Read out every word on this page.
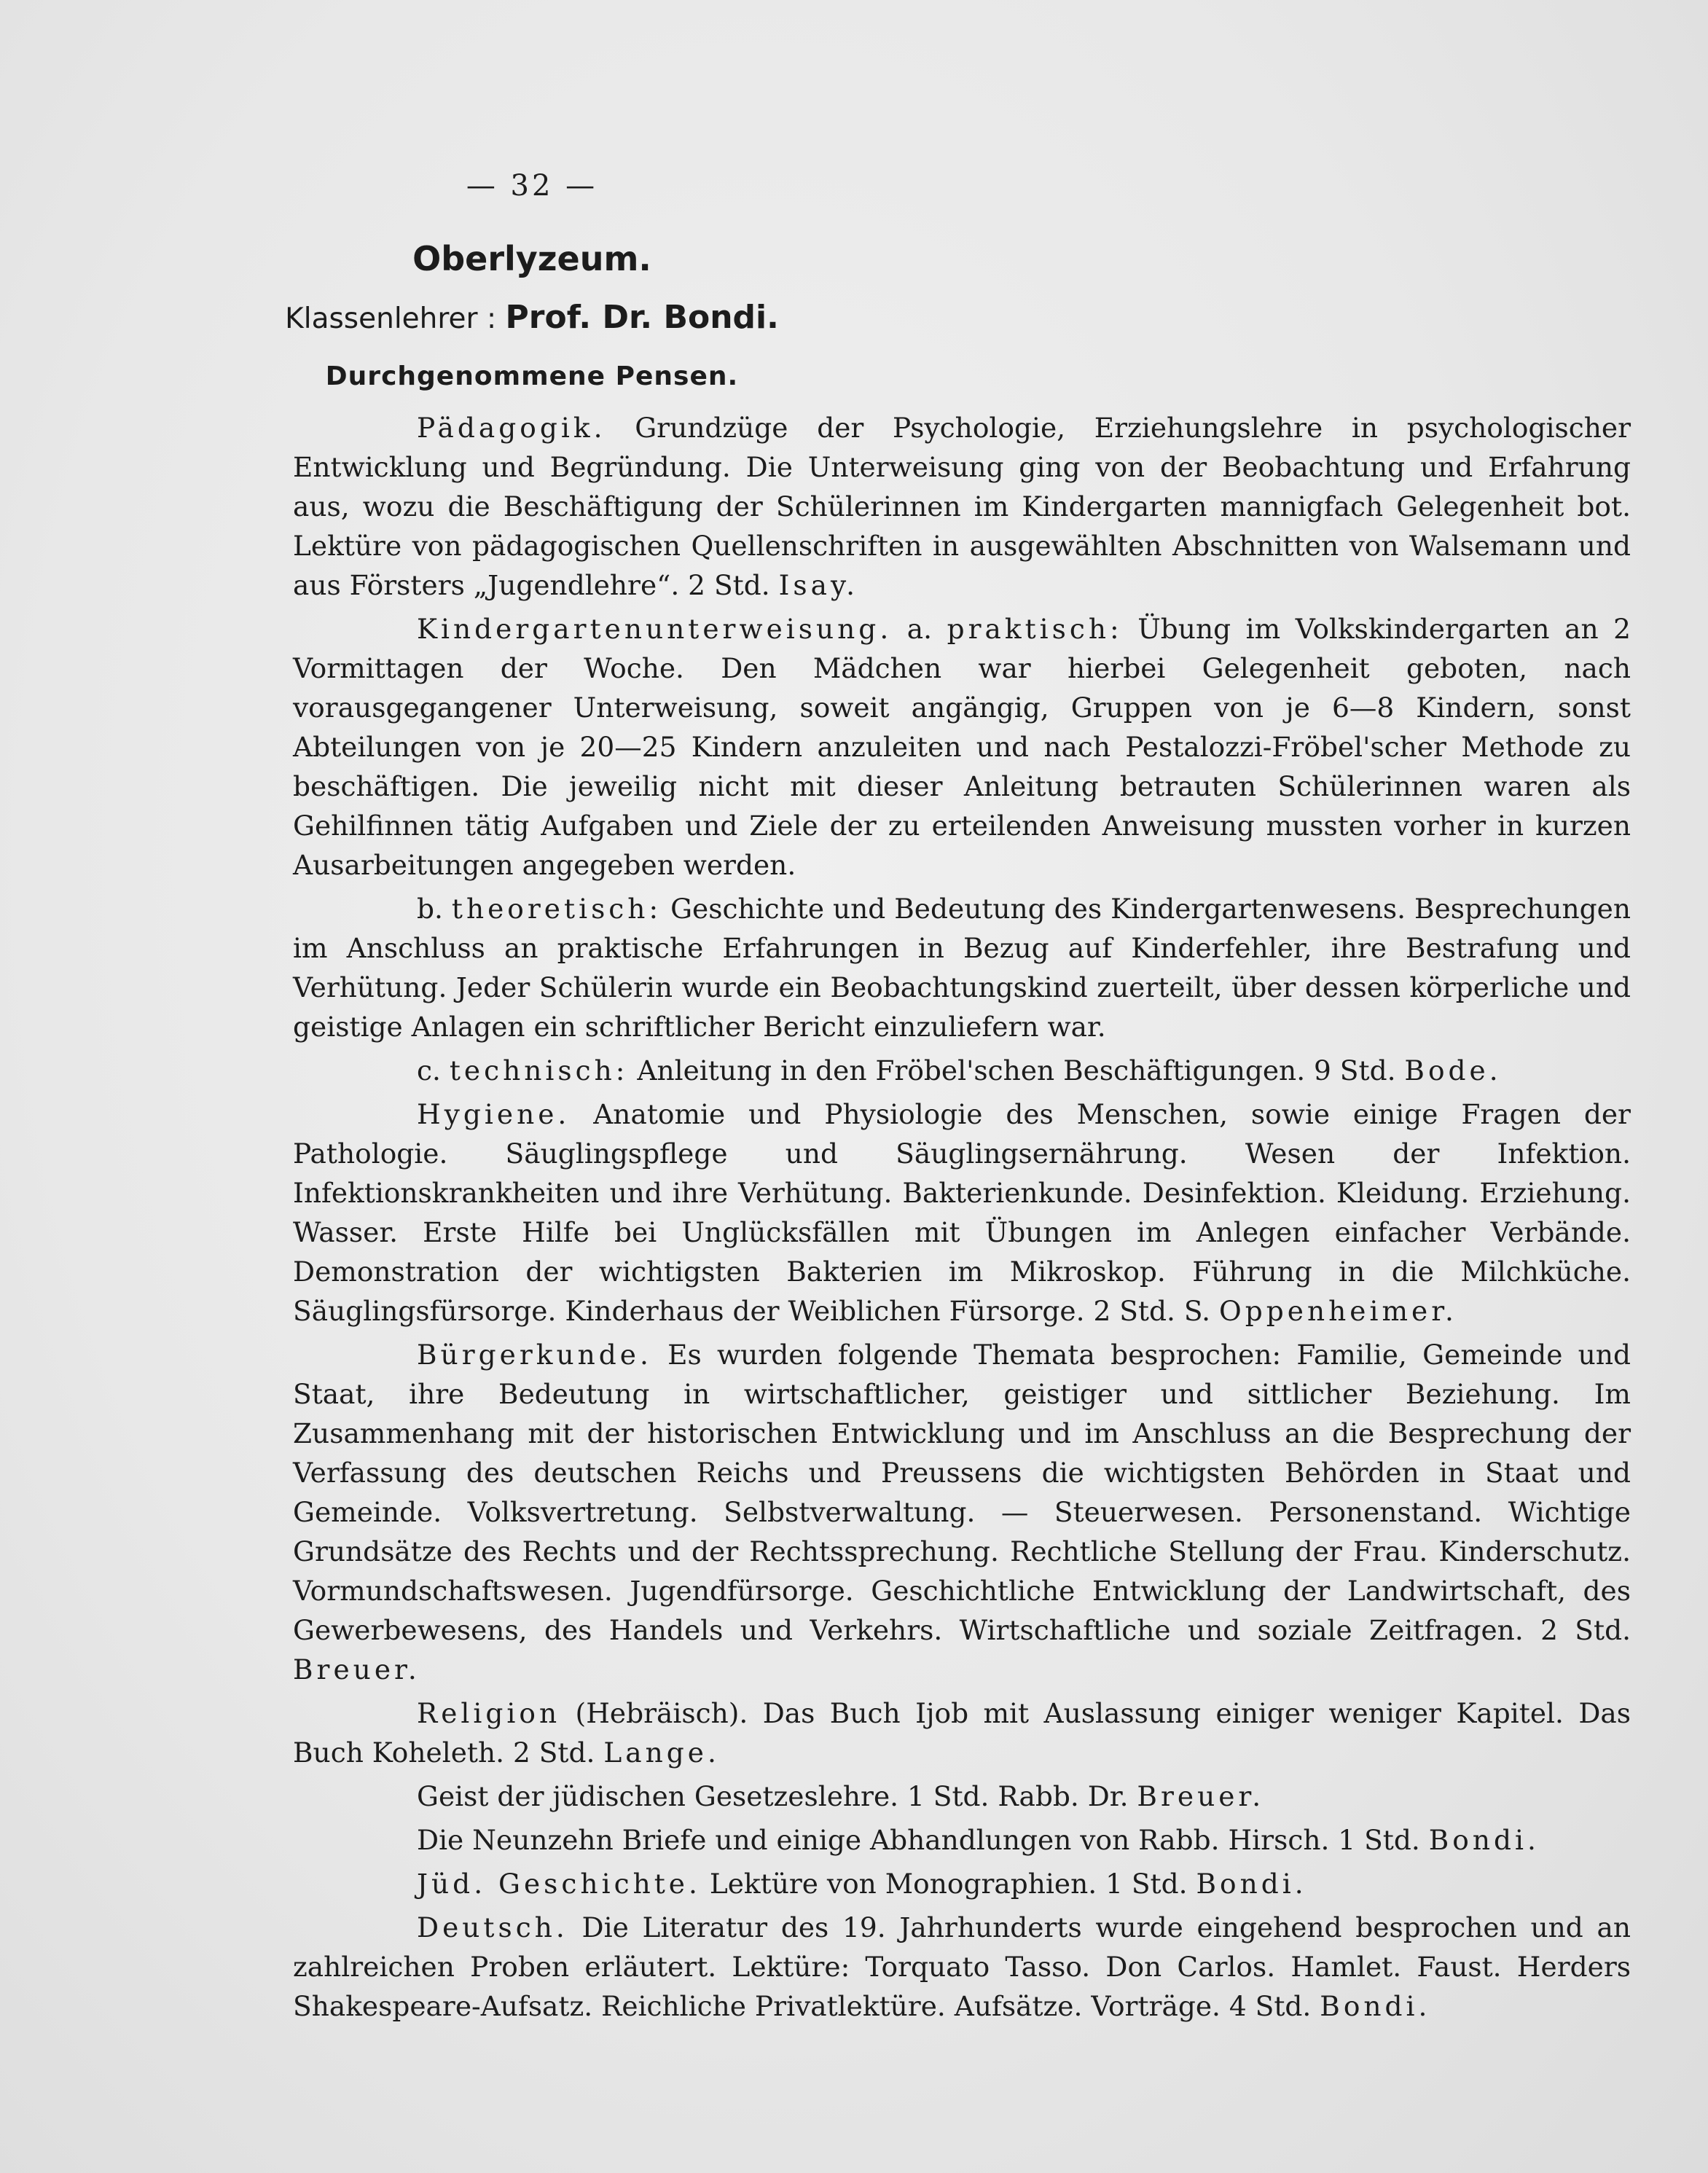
— 32 —

Oberlyzeum.

Klassenlehrer : Prof. Dr. Bondi.

Durchgenommene Pensen.

Pädagogik. Grundzüge der Psychologie, Erziehungslehre in psychologischer Entwicklung und Begründung. Die Unterweisung ging von der Beobachtung und Erfahrung aus, wozu die Beschäftigung der Schülerinnen im Kindergarten mannigfach Gelegenheit bot. Lektüre von pädagogischen Quellenschriften in ausgewählten Abschnitten von Walsemann und aus Försters „Jugendlehre“. 2 Std. Isay.

Kindergartenunterweisung. a. praktisch: Übung im Volkskindergarten an 2 Vormittagen der Woche. Den Mädchen war hierbei Gelegenheit geboten, nach vorausgegangener Unterweisung, soweit angängig, Gruppen von je 6—8 Kindern, sonst Abteilungen von je 20—25 Kindern anzuleiten und nach Pestalozzi-Fröbel'scher Methode zu beschäftigen. Die jeweilig nicht mit dieser Anleitung betrauten Schülerinnen waren als Gehilfinnen tätig Aufgaben und Ziele der zu erteilenden Anweisung mussten vorher in kurzen Ausarbeitungen angegeben werden.

b. theoretisch: Geschichte und Bedeutung des Kindergartenwesens. Besprechungen im Anschluss an praktische Erfahrungen in Bezug auf Kinderfehler, ihre Bestrafung und Verhütung. Jeder Schülerin wurde ein Beobachtungskind zuerteilt, über dessen körperliche und geistige Anlagen ein schriftlicher Bericht einzuliefern war.

c. technisch: Anleitung in den Fröbel'schen Beschäftigungen. 9 Std. Bode.

Hygiene. Anatomie und Physiologie des Menschen, sowie einige Fragen der Pathologie. Säuglingspflege und Säuglingsernährung. Wesen der Infektion. Infektionskrankheiten und ihre Verhütung. Bakterienkunde. Desinfektion. Kleidung. Erziehung. Wasser. Erste Hilfe bei Unglücksfällen mit Übungen im Anlegen einfacher Verbände. Demonstration der wichtigsten Bakterien im Mikroskop. Führung in die Milchküche. Säuglingsfürsorge. Kinderhaus der Weiblichen Fürsorge. 2 Std. S. Oppenheimer.

Bürgerkunde. Es wurden folgende Themata besprochen: Familie, Gemeinde und Staat, ihre Bedeutung in wirtschaftlicher, geistiger und sittlicher Beziehung. Im Zusammenhang mit der historischen Entwicklung und im Anschluss an die Besprechung der Verfassung des deutschen Reichs und Preussens die wichtigsten Behörden in Staat und Gemeinde. Volksvertretung. Selbstverwaltung. — Steuerwesen. Personenstand. Wichtige Grundsätze des Rechts und der Rechtssprechung. Rechtliche Stellung der Frau. Kinderschutz. Vormundschaftswesen. Jugendfürsorge. Geschichtliche Entwicklung der Landwirtschaft, des Gewerbewesens, des Handels und Verkehrs. Wirtschaftliche und soziale Zeitfragen. 2 Std. Breuer.

Religion (Hebräisch). Das Buch Ijob mit Auslassung einiger weniger Kapitel. Das Buch Koheleth. 2 Std. Lange.

Geist der jüdischen Gesetzeslehre. 1 Std. Rabb. Dr. Breuer.

Die Neunzehn Briefe und einige Abhandlungen von Rabb. Hirsch. 1 Std. Bondi.

Jüd. Geschichte. Lektüre von Monographien. 1 Std. Bondi.

Deutsch. Die Literatur des 19. Jahrhunderts wurde eingehend besprochen und an zahlreichen Proben erläutert. Lektüre: Torquato Tasso. Don Carlos. Hamlet. Faust. Herders Shakespeare-Aufsatz. Reichliche Privatlektüre. Aufsätze. Vorträge. 4 Std. Bondi.
